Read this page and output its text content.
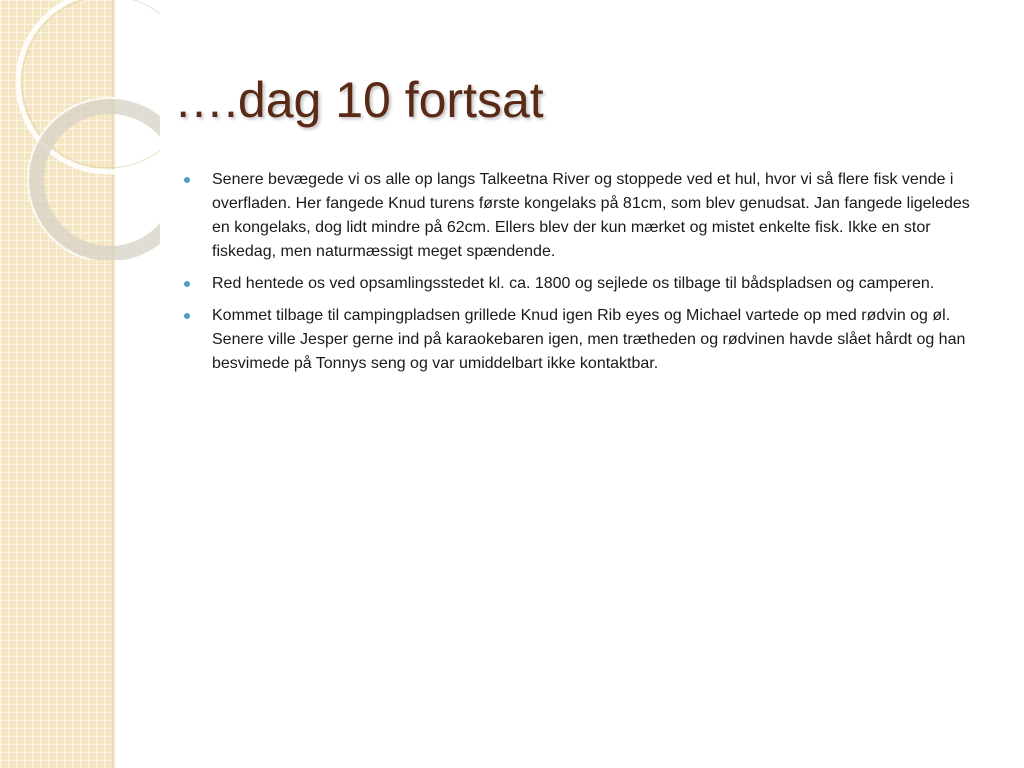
….dag 10 fortsat
Senere bevægede vi os alle op langs Talkeetna River og stoppede ved et hul, hvor vi så flere fisk vende i overfladen. Her fangede Knud turens første kongelaks på 81cm, som blev genudsat. Jan fangede ligeledes en kongelaks, dog lidt mindre på 62cm. Ellers blev der kun mærket og mistet enkelte fisk. Ikke en stor fiskedag, men naturmæssigt meget spændende.
Red hentede os ved opsamlingsstedet kl. ca. 1800 og sejlede os tilbage til bådspladsen og camperen.
Kommet tilbage til campingpladsen grillede Knud igen Rib eyes og Michael vartede op med rødvin og øl. Senere ville Jesper gerne ind på karaokebaren igen, men trætheden og rødvinen havde slået hårdt og han besvimede på Tonnys seng og var umiddelbart ikke kontaktbar.
